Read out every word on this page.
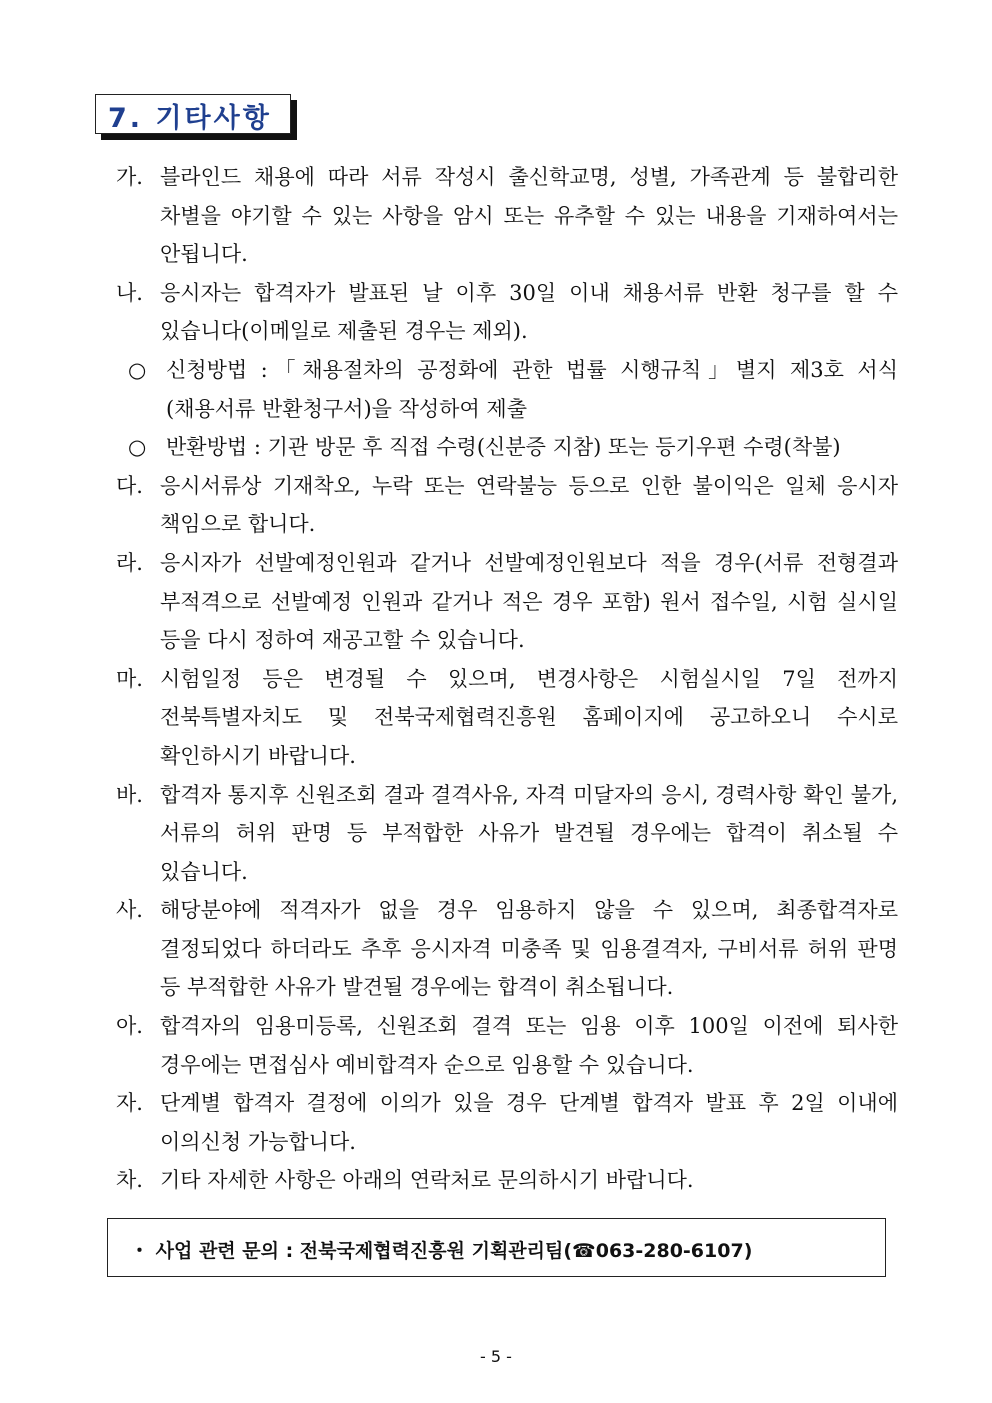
7. 기타사항
가. 블라인드 채용에 따라 서류 작성시 출신학교명, 성별, 가족관계 등 불합리한 차별을 야기할 수 있는 사항을 암시 또는 유추할 수 있는 내용을 기재하여서는 안됩니다.
나. 응시자는 합격자가 발표된 날 이후 30일 이내 채용서류 반환 청구를 할 수 있습니다(이메일로 제출된 경우는 제외).
○ 신청방법 :「채용절차의 공정화에 관한 법률 시행규칙」별지 제3호 서식(채용서류 반환청구서)을 작성하여 제출
○ 반환방법 : 기관 방문 후 직접 수령(신분증 지참) 또는 등기우편 수령(착불)
다. 응시서류상 기재착오, 누락 또는 연락불능 등으로 인한 불이익은 일체 응시자 책임으로 합니다.
라. 응시자가 선발예정인원과 같거나 선발예정인원보다 적을 경우(서류 전형결과 부적격으로 선발예정 인원과 같거나 적은 경우 포함) 원서 접수일, 시험 실시일 등을 다시 정하여 재공고할 수 있습니다.
마. 시험일정 등은 변경될 수 있으며, 변경사항은 시험실시일 7일 전까지 전북특별자치도 및 전북국제협력진흥원 홈페이지에 공고하오니 수시로 확인하시기 바랍니다.
바. 합격자 통지후 신원조회 결과 결격사유, 자격 미달자의 응시, 경력사항 확인 불가, 서류의 허위 판명 등 부적합한 사유가 발견될 경우에는 합격이 취소될 수 있습니다.
사. 해당분야에 적격자가 없을 경우 임용하지 않을 수 있으며, 최종합격자로 결정되었다 하더라도 추후 응시자격 미충족 및 임용결격자, 구비서류 허위 판명 등 부적합한 사유가 발견될 경우에는 합격이 취소됩니다.
아. 합격자의 임용미등록, 신원조회 결격 또는 임용 이후 100일 이전에 퇴사한 경우에는 면접심사 예비합격자 순으로 임용할 수 있습니다.
자. 단계별 합격자 결정에 이의가 있을 경우 단계별 합격자 발표 후 2일 이내에 이의신청 가능합니다.
차. 기타 자세한 사항은 아래의 연락처로 문의하시기 바랍니다.
・ 사업 관련 문의 : 전북국제협력진흥원 기획관리팀(☎063-280-6107)
- 5 -
